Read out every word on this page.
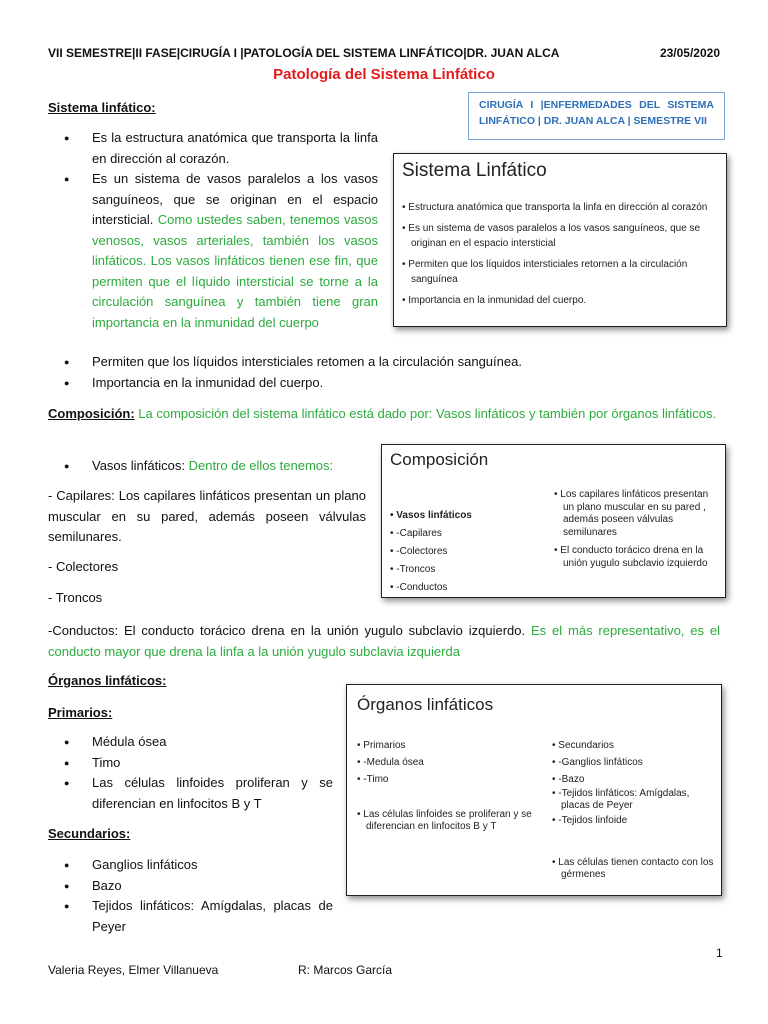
VII SEMESTRE|II FASE|CIRUGÍA I |PATOLOGÍA DEL SISTEMA LINFÁTICO|DR. JUAN ALCA	23/05/2020
Patología del Sistema Linfático
CIRUGÍA I |ENFERMEDADES DEL SISTEMA LINFÁTICO | DR. JUAN ALCA | SEMESTRE VII
Sistema linfático:
● Es la estructura anatómica que transporta la linfa en dirección al corazón.
● Es un sistema de vasos paralelos a los vasos sanguíneos, que se originan en el espacio intersticial. Como ustedes saben, tenemos vasos venosos, vasos arteriales, también los vasos linfáticos. Los vasos linfáticos tienen ese fin, que permiten que el líquido intersticial se torne a la circulación sanguínea y también tiene gran importancia en la inmunidad del cuerpo
● Permiten que los líquidos intersticiales retomen a la circulación sanguínea.
● Importancia en la inmunidad del cuerpo.
Sistema Linfático
• Estructura anatómica que transporta la linfa en dirección al corazón
• Es un sistema de vasos paralelos a los vasos sanguíneos, que se originan en el espacio intersticial
• Permiten que los líquidos intersticiales retornen a la circulación sanguínea
• Importancia en la inmunidad del cuerpo.
Composición: La composición del sistema linfático está dado por: Vasos linfáticos y también por órganos linfáticos.
● Vasos linfáticos: Dentro de ellos tenemos:
- Capilares: Los capilares linfáticos presentan un plano muscular en su pared, además poseen válvulas semilunares.
- Colectores
- Troncos
-Conductos: El conducto torácico drena en la unión yugulo subclavio izquierdo. Es el más representativo, es el conducto mayor que drena la linfa a la unión yugulo subclavia izquierda
Composición
• Vasos linfáticos
• -Capilares
• -Colectores
• -Troncos
• -Conductos
• Los capilares linfáticos presentan un plano muscular en su pared , además poseen válvulas semilunares
• El conducto torácico drena en la unión yugulo subclavio izquierdo
Órganos linfáticos:
Primarios:
● Médula ósea
● Timo
● Las células linfoides proliferan y se diferencian en linfocitos B y T
Secundarios:
● Ganglios linfáticos
● Bazo
● Tejidos linfáticos: Amígdalas, placas de Peyer
Órganos linfáticos
• Primarios
• -Medula ósea
• -Timo
• Las células linfoides se proliferan y se diferencian en linfocitos B y T
• Secundarios
• -Ganglios linfáticos
• -Bazo
• -Tejidos linfáticos: Amígdalas, placas de Peyer
• -Tejidos linfoide
• Las células tienen contacto con los gérmenes
1
Valeria Reyes, Elmer Villanueva	R: Marcos García
